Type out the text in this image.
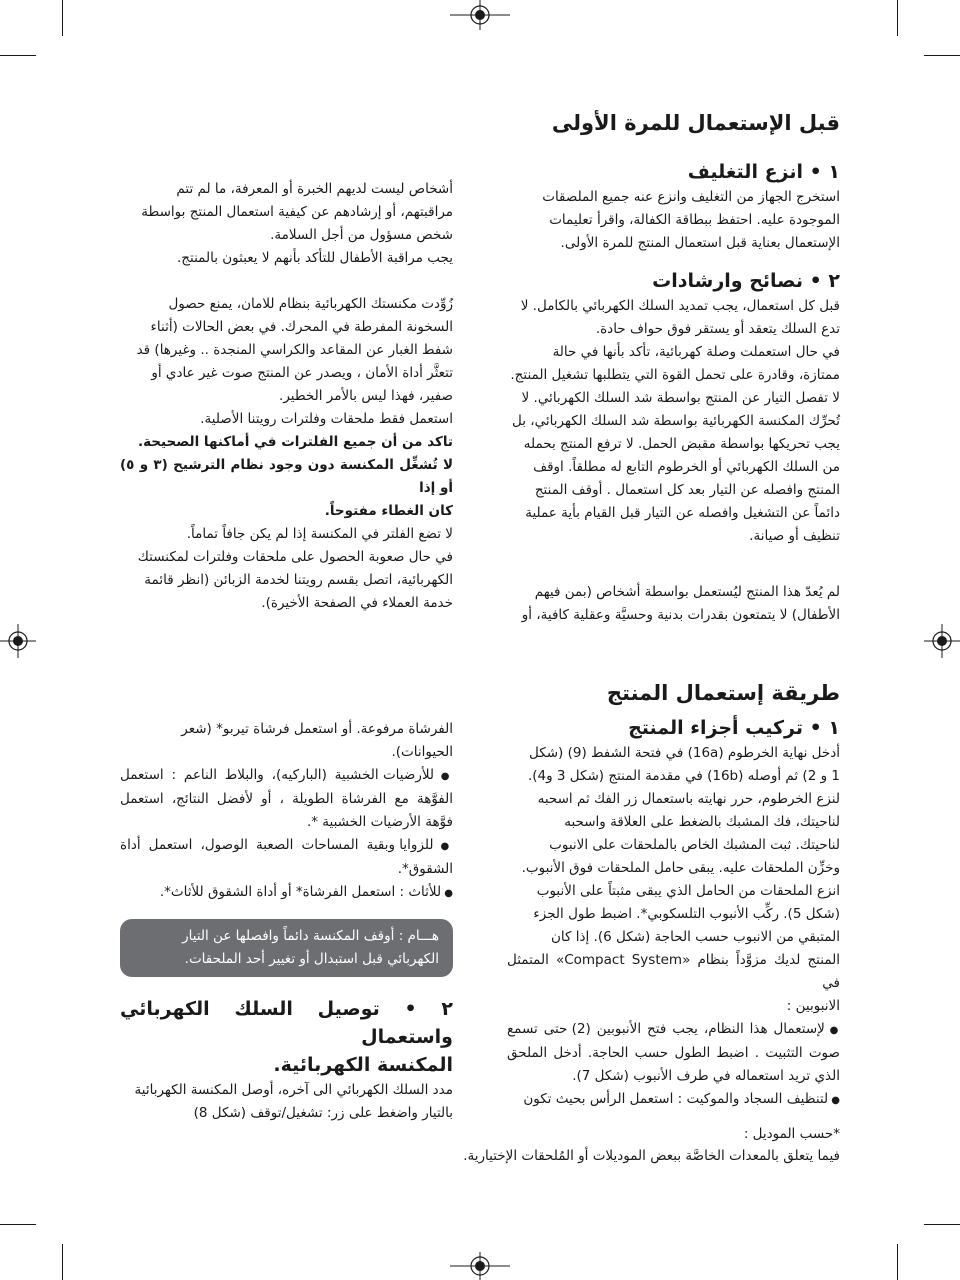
قبل الإستعمال للمرة الأولى

١ • انزع التغليف

استخرج الجهاز من التغليف وانزع عنه جميع الملصقات

الموجودة عليه. احتفظ ببطاقة الكفالة، واقرأ تعليمات

الإستعمال بعناية قبل استعمال المنتج للمرة الأولى.

٢ • نصائح وارشادات

قبل كل استعمال، يجب تمديد السلك الكهربائي بالكامل. لا

تدع السلك يتعقد أو يستقر فوق حواف حادة.

في حال استعملت وصلة كهربائية، تأكد بأنها في حالة

ممتازة، وقادرة على تحمل القوة التي يتطلبها تشغيل المنتج.

لا تفصل التيار عن المنتج بواسطة شد السلك الكهربائي. لا

تُحرِّك المكنسة الكهربائية بواسطة شد السلك الكهربائي، بل

يجب تحريكها بواسطة مقبض الحمل. لا ترفع المنتج بحمله

من السلك الكهربائي أو الخرطوم التابع له مطلقاً. اوقف

المنتج وافصله عن التيار بعد كل استعمال . أوقف المنتج

دائماً عن التشغيل وافصله عن التيار قبل القيام بأية عملية

تنظيف أو صيانة.

لم يُعدّ هذا المنتج ليُستعمل بواسطة أشخاص (بمن فيهم

الأطفال) لا يتمتعون بقدرات بدنية وحسيَّة وعقلية كافية، أو

طريقة إستعمال المنتج

١ • تركيب أجزاء المنتج

أدخل نهاية الخرطوم (16a) في فتحة الشفط (9) (شكل

1 و 2) ثم أوصله (16b) في مقدمة المنتج (شكل 3 و4).

لنزع الخرطوم، حرر نهايته باستعمال زر الفك ثم اسحبه

لناحيتك، فك المشبك بالضغط على العلاقة واسحبه

لناحيتك. ثبت المشبك الخاص بالملحقات على الانبوب

وخزِّن الملحقات عليه. يبقى حامل الملحقات فوق الأنبوب.

انزع الملحقات من الحامل الذي يبقى مثبتاً على الأنبوب

(شكل 5). ركِّب الأنبوب التلسكوبي*. اضبط طول الجزء

المتبقي من الانبوب حسب الحاجة (شكل 6). إذا كان

المنتج لديك مزوَّداً بنظام «Compact System» المتمثل في

الانبوبين :

● لإستعمال هذا النظام، يجب فتح الأنبوبين (2) حتى تسمع صوت التثبيت . اضبط الطول حسب الحاجة. أدخل الملحق الذي تريد استعماله في طرف الأنبوب (شكل 7).

● لتنظيف السجاد والموكيت : استعمل الرأس بحيث تكون

أشخاص ليست لديهم الخبرة أو المعرفة، ما لم تتم

مراقبتهم، أو إرشادهم عن كيفية استعمال المنتج بواسطة

شخص مسؤول من أجل السلامة.

يجب مراقبة الأطفال للتأكد بأنهم لا يعبثون بالمنتج.

زُوِّدت مكنستك الكهربائية بنظام للامان، يمنع حصول

السخونة المفرطة في المحرك. في بعض الحالات (أثناء

شفط الغبار عن المقاعد والكراسي المنجدة .. وغيرها) قد

تتعثَّر أداة الأمان ، ويصدر عن المنتج صوت غير عادي أو

صفير، فهذا ليس بالأمر الخطير.

استعمل فقط ملحقات وفلترات رويتنا الأصلية.

تاكد من أن جميع الفلترات في أماكنها الصحيحة.

لا تُشغِّل المكنسة دون وجود نظام الترشيح (٣ و ٥) أو إذا

كان الغطاء مفتوحاً.

لا تضع الفلتر في المكنسة إذا لم يكن جافاً تماماً.

في حال صعوبة الحصول على ملحقات وفلترات لمكنستك

الكهربائية، اتصل بقسم رويتنا لخدمة الزبائن (انظر قائمة

خدمة العملاء في الصفحة الأخيرة).

الفرشاة مرفوعة. أو استعمل فرشاة تيربو* (شعر

الحيوانات).

● للأرضيات الخشبية (الباركيه)، والبلاط الناعم : استعمل الفوَّهة مع الفرشاة الطويلة ، أو لأفضل النتائج، استعمل فوَّهة الأرضيات الخشبية *.

● للزوايا وبقية المساحات الصعبة الوصول، استعمل أداة الشقوق*.

● للأثاث : استعمل الفرشاة* أو أداة الشقوق للأثاث*.

هـــام : أوقف المكنسة دائماً وافصلها عن التيار

الكهربائي قبل استبدال أو تغيير أحد الملحقات.

٢ • توصيل السلك الكهربائي واستعمال

المكنسة الكهربائية.

مدد السلك الكهربائي الى آخره، أوصل المكنسة الكهربائية

بالتيار واضغط على زر: تشغيل/توقف (شكل 8)

*حسب الموديل :

فيما يتعلق بالمعدات الخاصَّة ببعض الموديلات أو المُلحقات الإختيارية.
